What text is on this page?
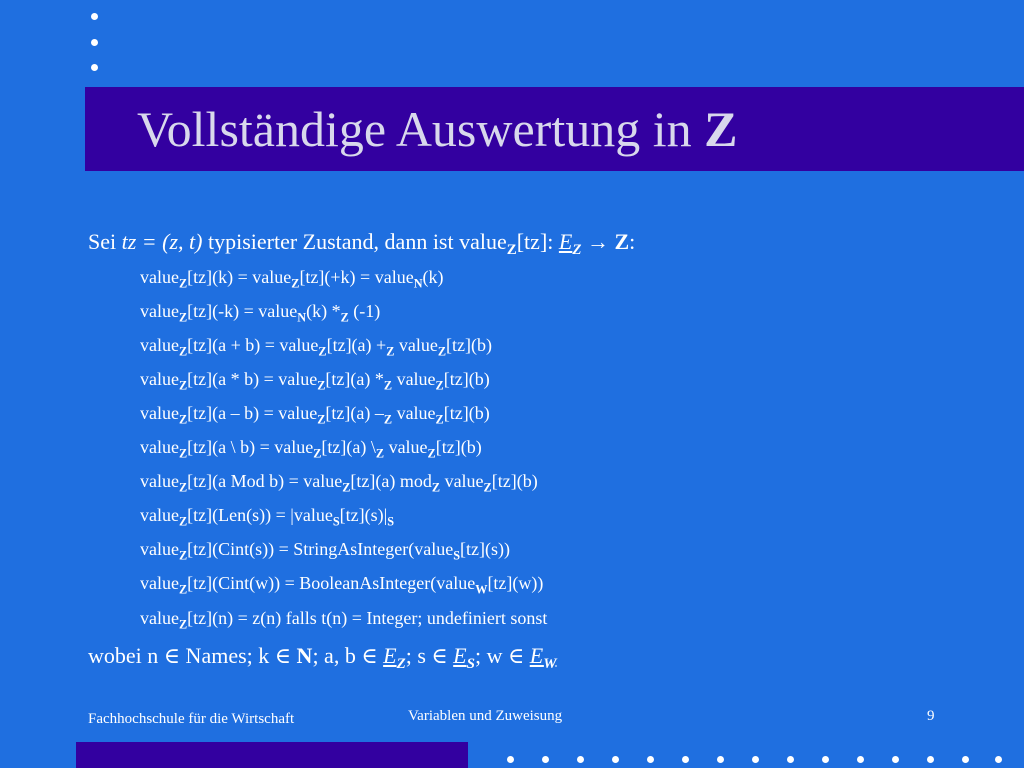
Vollständige Auswertung in Z
Sei tz = (z, t) typisierter Zustand, dann ist value$_Z$[tz]: $E_Z \to Z$:
value$_Z$[tz](k) = value$_Z$[tz](+k) = value$_N$(k)
value$_Z$[tz](-k) = value$_N$(k) $*_Z$ (-1)
value$_Z$[tz](a + b) = value$_Z$[tz](a) $+_Z$ value$_Z$[tz](b)
value$_Z$[tz](a * b) = value$_Z$[tz](a) $*_Z$ value$_Z$[tz](b)
value$_Z$[tz](a – b) = value$_Z$[tz](a) $-_Z$ value$_Z$[tz](b)
value$_Z$[tz](a \ b) = value$_Z$[tz](a) $\backslash_Z$ value$_Z$[tz](b)
value$_Z$[tz](a Mod b) = value$_Z$[tz](a) mod$_Z$ value$_Z$[tz](b)
value$_Z$[tz](Len(s)) = $|value_S[tz](s)|_S$
value$_Z$[tz](Cint(s)) = StringAsInteger(value$_S$[tz](s))
value$_Z$[tz](Cint(w)) = BooleanAsInteger(value$_W$[tz](w))
value$_Z$[tz](n) = z(n) falls t(n) = Integer; undefiniert sonst
wobei n ∈ Names; k ∈ N; a, b ∈ $E_Z$; s ∈ $E_S$; w ∈ $E_W$
Fachhochschule für die Wirtschaft	Variablen und Zuweisung	9
